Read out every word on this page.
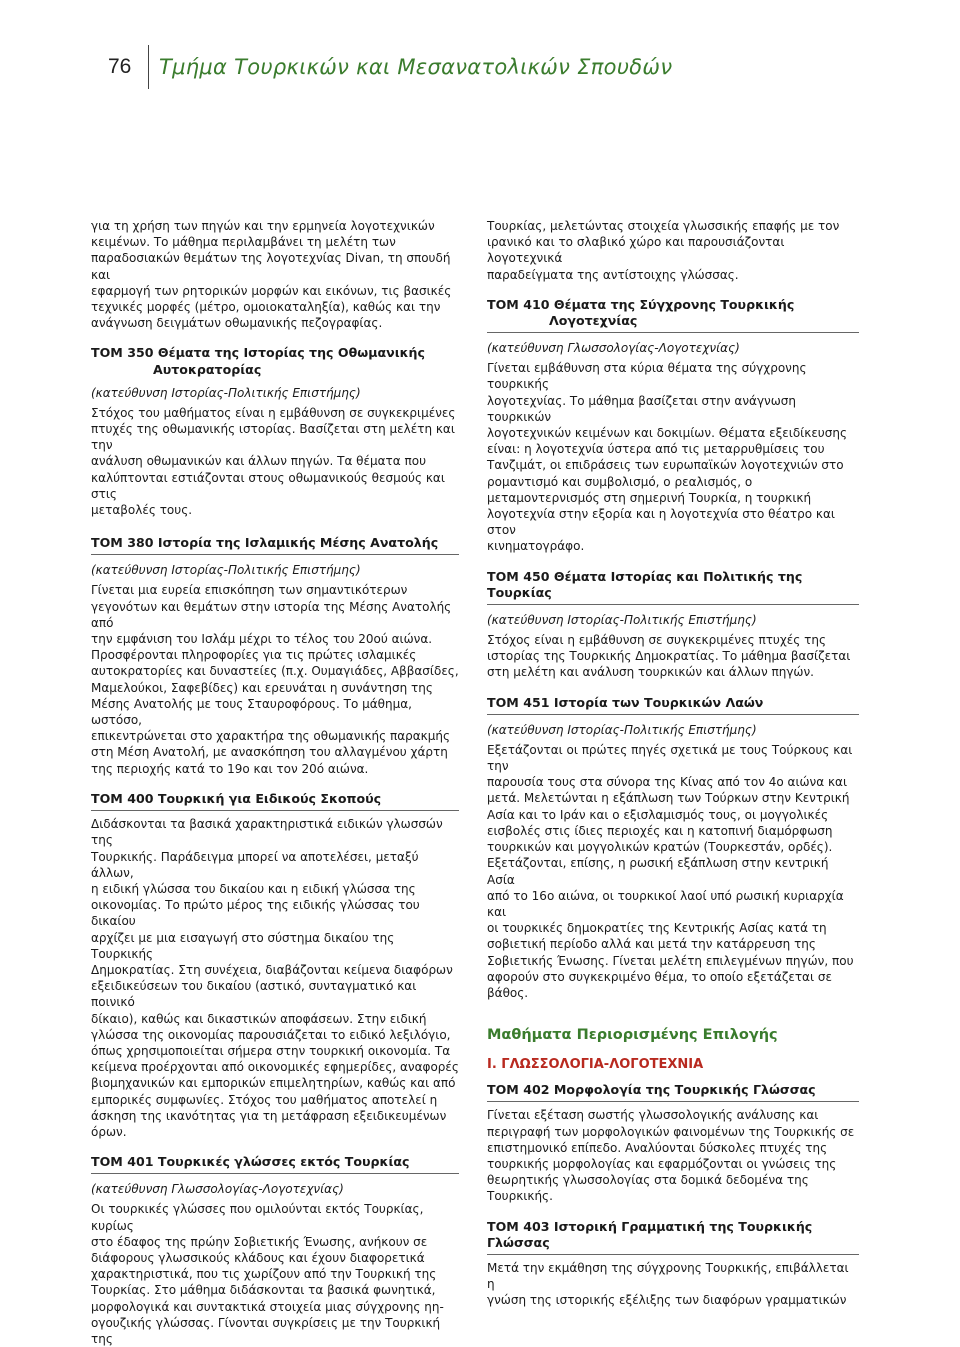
76	Τμήμα Τουρκικών και Μεσανατολικών Σπουδών

για τη χρήση των πηγών και την ερμηνεία λογοτεχνικών

κειμένων. Το μάθημα περιλαμβάνει τη μελέτη των

παραδοσιακών θεμάτων της λογοτεχνίας Divan, τη σπουδή και

εφαρμογή των ρητορικών μορφών και εικόνων, τις βασικές

τεχνικές μορφές (μέτρο, ομοιοκαταληξία), καθώς και την

ανάγνωση δειγμάτων οθωμανικής πεζογραφίας.

ΤΟΜ 350 Θέματα της Ιστορίας της Οθωμανικής
Αυτοκρατορίας
(κατεύθυνση Ιστορίας-Πολιτικής Επιστήμης)

Στόχος του μαθήματος είναι η εμβάθυνση σε συγκεκριμένες

πτυχές της οθωμανικής ιστορίας. Βασίζεται στη μελέτη και την

ανάλυση οθωμανικών και άλλων πηγών. Τα θέματα που

καλύπτονται εστιάζονται στους οθωμανικούς θεσμούς και στις

μεταβολές τους.

ΤΟΜ 380 Ιστορία της Ισλαμικής Μέσης Ανατολής
(κατεύθυνση Ιστορίας-Πολιτικής Επιστήμης)

Γίνεται μια ευρεία επισκόπηση των σημαντικότερων

γεγονότων και θεμάτων στην ιστορία της Μέσης Ανατολής από

την εμφάνιση του Ισλάμ μέχρι το τέλος του 20ού αιώνα.

Προσφέρονται πληροφορίες για τις πρώτες ισλαμικές

αυτοκρατορίες και δυναστείες (π.χ. Ουμαγιάδες, Αββασίδες,

Μαμελούκοι, Σαφεβίδες) και ερευνάται η συνάντηση της

Μέσης Ανατολής με τους Σταυροφόρους. Το μάθημα, ωστόσο,

επικεντρώνεται στο χαρακτήρα της οθωμανικής παρακμής

στη Μέση Ανατολή, με ανασκόπηση του αλλαγμένου χάρτη

της περιοχής κατά το 19ο και τον 20ό αιώνα.

ΤΟΜ 400 Τουρκική για Ειδικούς Σκοπούς

Διδάσκονται τα βασικά χαρακτηριστικά ειδικών γλωσσών της

Τουρκικής. Παράδειγμα μπορεί να αποτελέσει, μεταξύ άλλων,

η ειδική γλώσσα του δικαίου και η ειδική γλώσσα της

οικονομίας. Το πρώτο μέρος της ειδικής γλώσσας του δικαίου

αρχίζει με μια εισαγωγή στο σύστημα δικαίου της Τουρκικής

Δημοκρατίας. Στη συνέχεια, διαβάζονται κείμενα διαφόρων

εξειδικεύσεων του δικαίου (αστικό, συνταγματικό και ποινικό

δίκαιο), καθώς και δικαστικών αποφάσεων. Στην ειδική

γλώσσα της οικονομίας παρουσιάζεται το ειδικό λεξιλόγιο,

όπως χρησιμοποιείται σήμερα στην τουρκική οικονομία. Τα

κείμενα προέρχονται από οικονομικές εφημερίδες, αναφορές

βιομηχανικών και εμπορικών επιμελητηρίων, καθώς και από

εμπορικές συμφωνίες. Στόχος του μαθήματος αποτελεί η

άσκηση της ικανότητας για τη μετάφραση εξειδικευμένων

όρων.

ΤΟΜ 401 Τουρκικές γλώσσες εκτός Τουρκίας
(κατεύθυνση Γλωσσολογίας-Λογοτεχνίας)

Οι τουρκικές γλώσσες που ομιλούνται εκτός Τουρκίας, κυρίως

στο έδαφος της πρώην Σοβιετικής Ένωσης, ανήκουν σε

διάφορους γλωσσικούς κλάδους και έχουν διαφορετικά

χαρακτηριστικά, που τις χωρίζουν από την Τουρκική της

Τουρκίας. Στο μάθημα διδάσκονται τα βασικά φωνητικά,

μορφολογικά και συντακτικά στοιχεία μιας σύγχρονης ηη-

ογουζικής γλώσσας. Γίνονται συγκρίσεις με την Τουρκική της

Τουρκίας, μελετώντας στοιχεία γλωσσικής επαφής με τον

ιρανικό και το σλαβικό χώρο και παρουσιάζονται λογοτεχνικά

παραδείγματα της αντίστοιχης γλώσσας.

ΤΟΜ 410 Θέματα της Σύγχρονης Τουρκικής
Λογοτεχνίας
(κατεύθυνση Γλωσσολογίας-Λογοτεχνίας)

Γίνεται εμβάθυνση στα κύρια θέματα της σύγχρονης τουρκικής

λογοτεχνίας. Το μάθημα βασίζεται στην ανάγνωση τουρκικών

λογοτεχνικών κειμένων και δοκιμίων. Θέματα εξειδίκευσης

είναι: η λογοτεχνία ύστερα από τις μεταρρυθμίσεις του

Τανζιμάτ, οι επιδράσεις των ευρωπαϊκών λογοτεχνιών στο

ρομαντισμό και συμβολισμό, ο ρεαλισμός, ο

μεταμοντερνισμός στη σημερινή Τουρκία, η τουρκική

λογοτεχνία στην εξορία και η λογοτεχνία στο θέατρο και στον

κινηματογράφο.

ΤΟΜ 450 Θέματα Ιστορίας και Πολιτικής της Τουρκίας
(κατεύθυνση Ιστορίας-Πολιτικής Επιστήμης)

Στόχος είναι η εμβάθυνση σε συγκεκριμένες πτυχές της

ιστορίας της Τουρκικής Δημοκρατίας. Το μάθημα βασίζεται

στη μελέτη και ανάλυση τουρκικών και άλλων πηγών.

ΤΟΜ 451 Ιστορία των Τουρκικών Λαών
(κατεύθυνση Ιστορίας-Πολιτικής Επιστήμης)

Εξετάζονται οι πρώτες πηγές σχετικά με τους Τούρκους και την

παρουσία τους στα σύνορα της Κίνας από τον 4ο αιώνα και

μετά. Μελετώνται η εξάπλωση των Τούρκων στην Κεντρική

Ασία και το Ιράν και ο εξισλαμισμός τους, οι μογγολικές

εισβολές στις ίδιες περιοχές και η κατοπινή διαμόρφωση

τουρκικών και μογγολικών κρατών (Τουρκεστάν, ορδές).

Εξετάζονται, επίσης, η ρωσική εξάπλωση στην κεντρική Ασία

από το 16ο αιώνα, οι τουρκικοί λαοί υπό ρωσική κυριαρχία και

οι τουρκικές δημοκρατίες της Κεντρικής Ασίας κατά τη

σοβιετική περίοδο αλλά και μετά την κατάρρευση της

Σοβιετικής Ένωσης. Γίνεται μελέτη επιλεγμένων πηγών, που

αφορούν στο συγκεκριμένο θέμα, το οποίο εξετάζεται σε

βάθος.

Μαθήματα Περιορισμένης Επιλογής
Ι. ΓΛΩΣΣΟΛΟΓΙΑ-ΛΟΓΟΤΕΧΝΙΑ
ΤΟΜ 402 Μορφολογία της Τουρκικής Γλώσσας

Γίνεται εξέταση σωστής γλωσσολογικής ανάλυσης και

περιγραφή των μορφολογικών φαινομένων της Τουρκικής σε

επιστημονικό επίπεδο. Αναλύονται δύσκολες πτυχές της

τουρκικής μορφολογίας και εφαρμόζονται οι γνώσεις της

θεωρητικής γλωσσολογίας στα δομικά δεδομένα της

Τουρκικής.

ΤΟΜ 403 Ιστορική Γραμματική της Τουρκικής Γλώσσας

Μετά την εκμάθηση της σύγχρονης Τουρκικής, επιβάλλεται η

γνώση της ιστορικής εξέλιξης των διαφόρων γραμματικών
